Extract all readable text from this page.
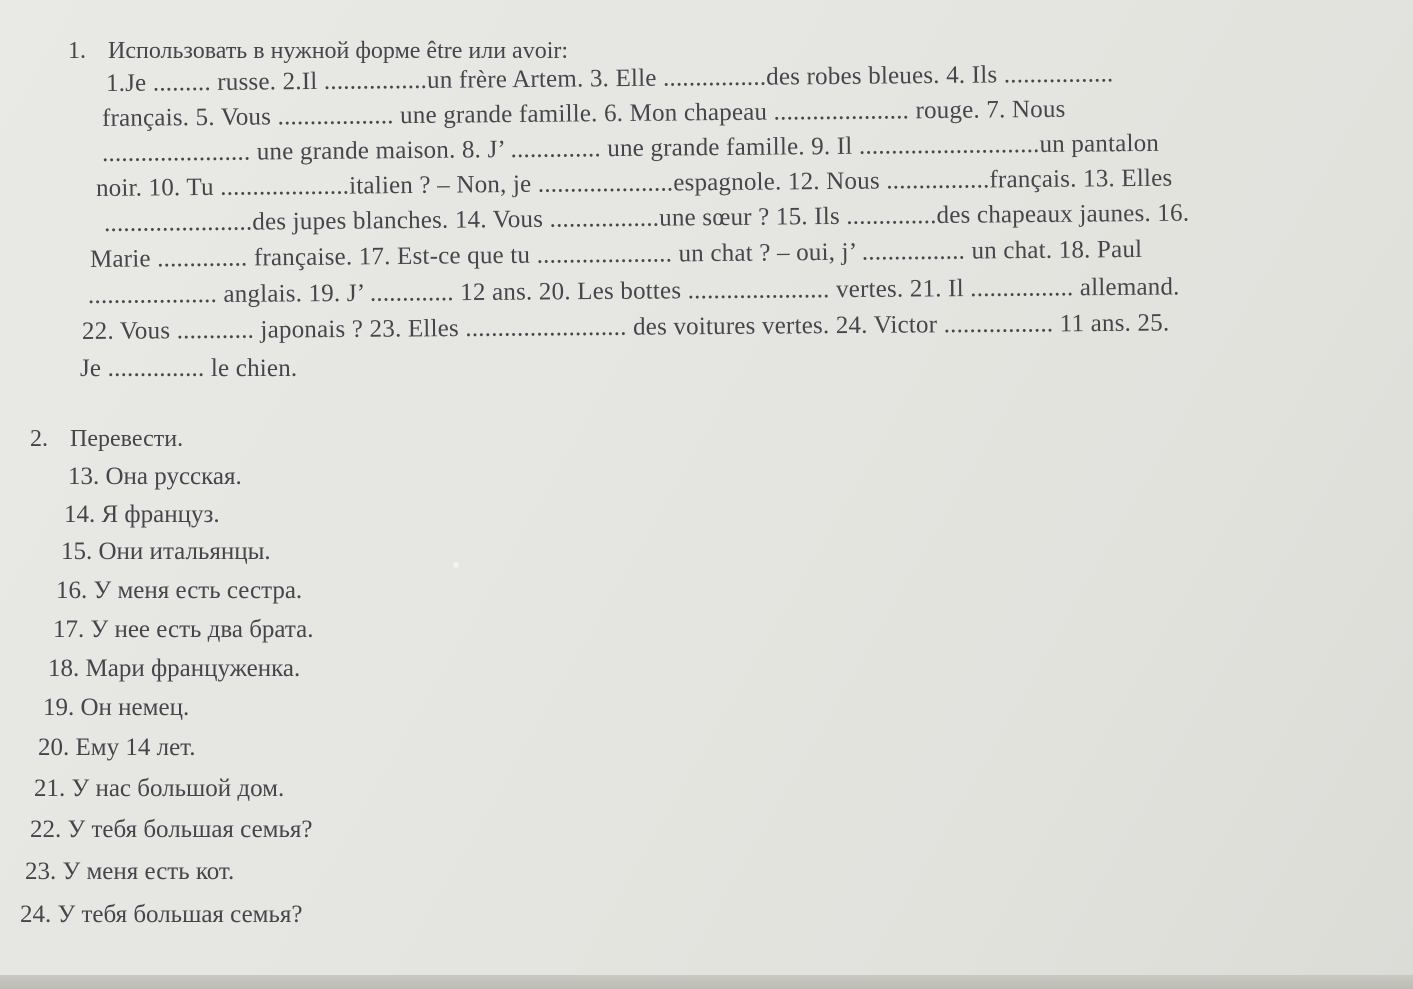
1. Использовать в нужной форме être или avoir:
1.Je ......... russe. 2.Il ................un frère Artem. 3. Elle ................des robes bleues. 4. Ils .................
français. 5. Vous .................. une grande famille. 6. Mon chapeau ..................... rouge. 7. Nous
....................... une grande maison. 8. J’ .............. une grande famille. 9. Il ............................un pantalon
noir. 10. Tu ....................italien ? – Non, je .....................espagnole. 12. Nous ................français. 13. Elles
.......................des jupes blanches. 14. Vous .................une sœur ? 15. Ils ..............des chapeaux jaunes. 16.
Marie .............. française. 17. Est-ce que tu ..................... un chat ? – oui, j’ ................ un chat. 18. Paul
.................... anglais. 19. J’ ............. 12 ans. 20. Les bottes ...................... vertes. 21. Il ................ allemand.
22. Vous ............ japonais ? 23. Elles ......................... des voitures vertes. 24. Victor ................. 11 ans. 25.
Je ............... le chien.
2. Перевести.
13. Она русская.
14. Я француз.
15. Они итальянцы.
16. У меня есть сестра.
17. У нее есть два брата.
18. Мари француженка.
19. Он немец.
20. Ему 14 лет.
21. У нас большой дом.
22. У тебя большая семья?
23. У меня есть кот.
24. У тебя большая семья?
